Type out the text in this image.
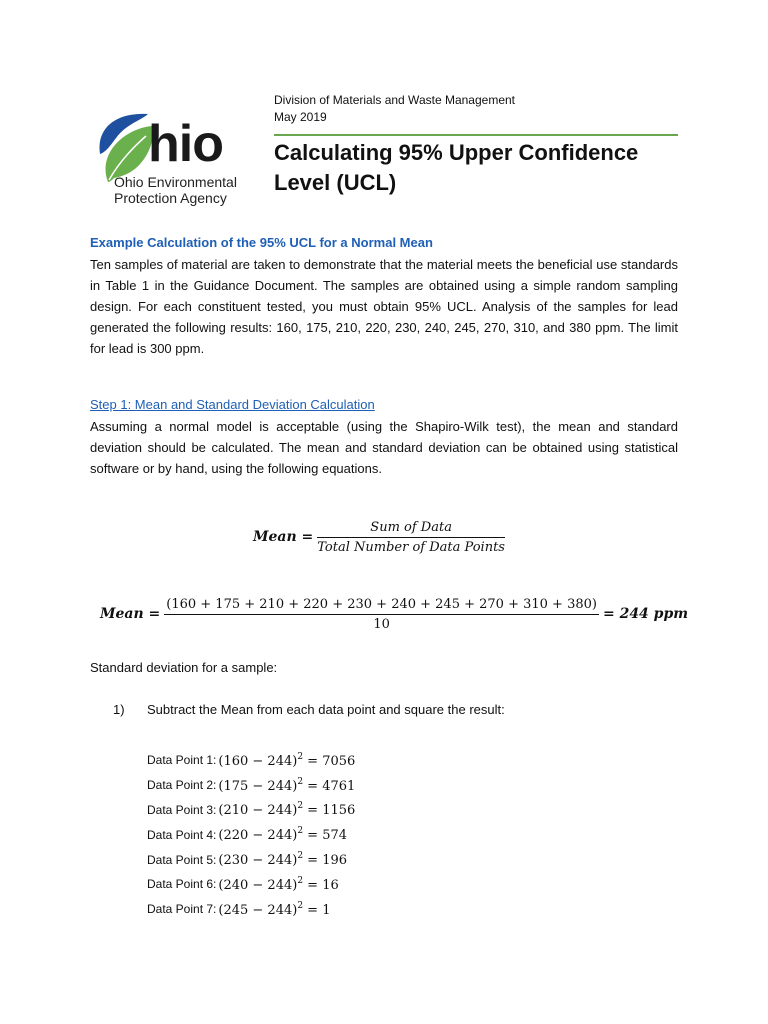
hio
Ohio Environmental
Protection Agency
Division of Materials and Waste Management
May 2019
Calculating 95% Upper Confidence Level (UCL)
Example Calculation of the 95% UCL for a Normal Mean
Ten samples of material are taken to demonstrate that the material meets the beneficial use standards in Table 1 in the Guidance Document. The samples are obtained using a simple random sampling design. For each constituent tested, you must obtain 95% UCL. Analysis of the samples for lead generated the following results: 160, 175, 210, 220, 230, 240, 245, 270, 310, and 380 ppm. The limit for lead is 300 ppm.
Step 1: Mean and Standard Deviation Calculation
Assuming a normal model is acceptable (using the Shapiro-Wilk test), the mean and standard deviation should be calculated. The mean and standard deviation can be obtained using statistical software or by hand, using the following equations.
Mean = $\frac{\text{Sum of Data}}{\text{Total Number of Data Points}}$
Mean = $\frac{(160 + 175 + 210 + 220 + 230 + 240 + 245 + 270 + 310 + 380)}{10} = 244$ ppm
Standard deviation for a sample:
1) Subtract the Mean from each data point and square the result:
Data Point 1: $(160 - 244)^2 = 7056$
Data Point 2: $(175 - 244)^2 = 4761$
Data Point 3: $(210 - 244)^2 = 1156$
Data Point 4: $(220 - 244)^2 = 574$
Data Point 5: $(230 - 244)^2 = 196$
Data Point 6: $(240 - 244)^2 = 16$
Data Point 7: $(245 - 244)^2 = 1$
